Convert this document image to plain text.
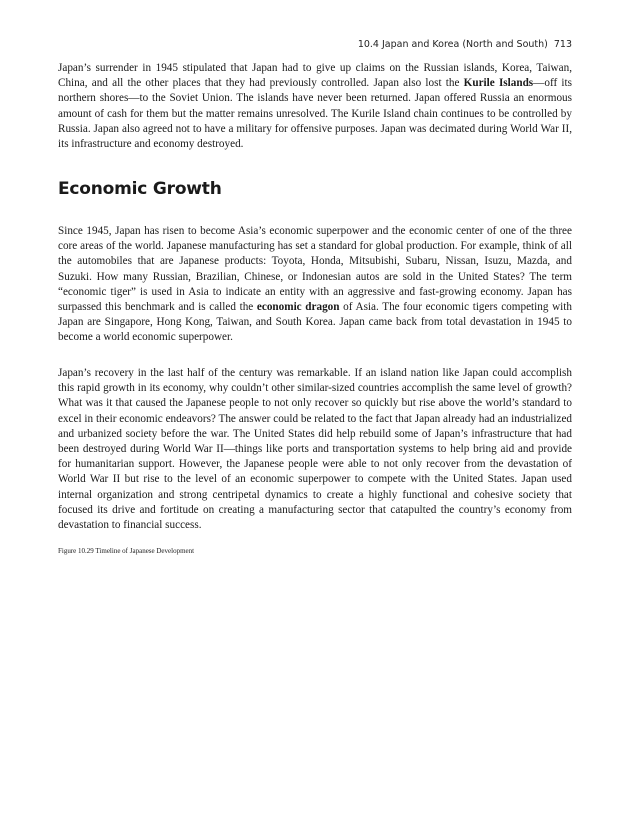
10.4 Japan and Korea (North and South) 713

Japan’s surrender in 1945 stipulated that Japan had to give up claims on the Russian islands, Korea, Taiwan, China, and all the other places that they had previously controlled. Japan also lost the Kurile Islands—off its northern shores—to the Soviet Union. The islands have never been returned. Japan offered Russia an enormous amount of cash for them but the matter remains unresolved. The Kurile Island chain continues to be controlled by Russia. Japan also agreed not to have a military for offensive purposes. Japan was decimated during World War II, its infrastructure and economy destroyed.

Economic Growth

Since 1945, Japan has risen to become Asia’s economic superpower and the economic center of one of the three core areas of the world. Japanese manufacturing has set a standard for global production. For example, think of all the automobiles that are Japanese products: Toyota, Honda, Mitsubishi, Subaru, Nissan, Isuzu, Mazda, and Suzuki. How many Russian, Brazilian, Chinese, or Indonesian autos are sold in the United States? The term “economic tiger” is used in Asia to indicate an entity with an aggressive and fast-growing economy. Japan has surpassed this benchmark and is called the economic dragon of Asia. The four economic tigers competing with Japan are Singapore, Hong Kong, Taiwan, and South Korea. Japan came back from total devastation in 1945 to become a world economic superpower.

Japan’s recovery in the last half of the century was remarkable. If an island nation like Japan could accomplish this rapid growth in its economy, why couldn’t other similar-sized countries accomplish the same level of growth? What was it that caused the Japanese people to not only recover so quickly but rise above the world’s standard to excel in their economic endeavors? The answer could be related to the fact that Japan already had an industrialized and urbanized society before the war. The United States did help rebuild some of Japan’s infrastructure that had been destroyed during World War II—things like ports and transportation systems to help bring aid and provide for humanitarian support. However, the Japanese people were able to not only recover from the devastation of World War II but rise to the level of an economic superpower to compete with the United States. Japan used internal organization and strong centripetal dynamics to create a highly functional and cohesive society that focused its drive and fortitude on creating a manufacturing sector that catapulted the country’s economy from devastation to financial success.

Figure 10.29 Timeline of Japanese Development
